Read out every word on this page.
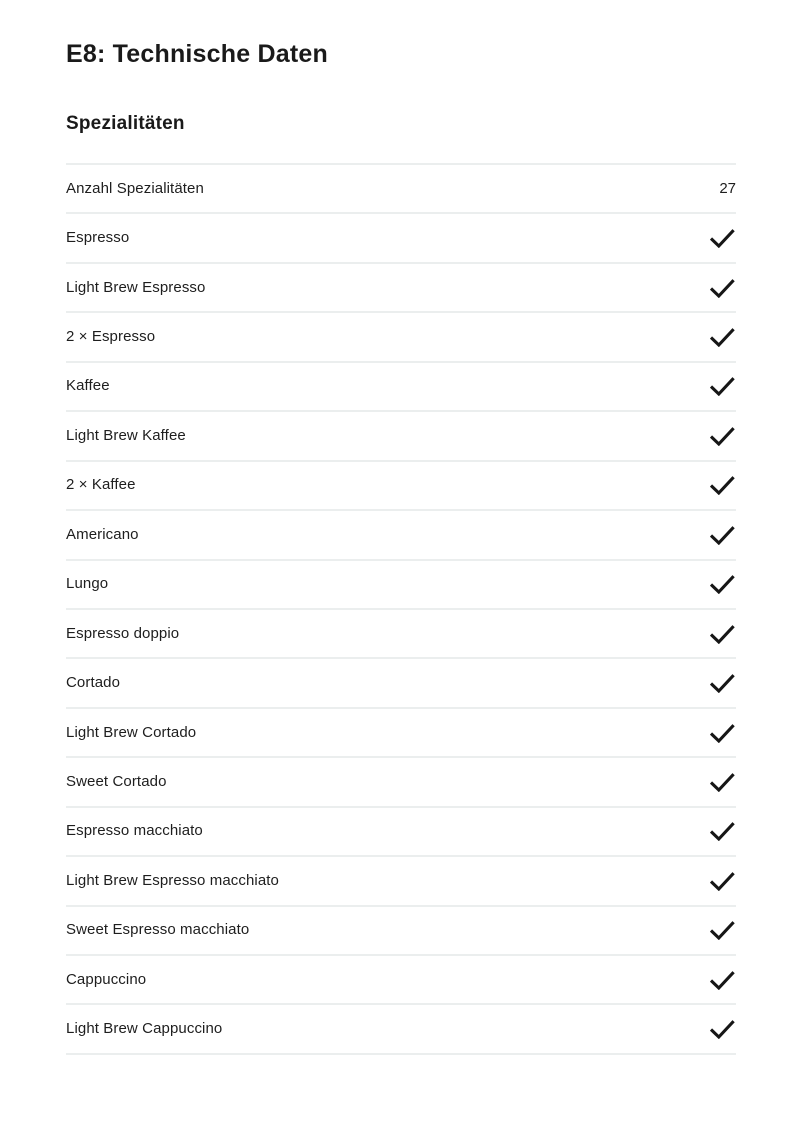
E8: Technische Daten
Spezialitäten
Anzahl Spezialitäten	27
Espresso
Light Brew Espresso
2 × Espresso
Kaffee
Light Brew Kaffee
2 × Kaffee
Americano
Lungo
Espresso doppio
Cortado
Light Brew Cortado
Sweet Cortado
Espresso macchiato
Light Brew Espresso macchiato
Sweet Espresso macchiato
Cappuccino
Light Brew Cappuccino
